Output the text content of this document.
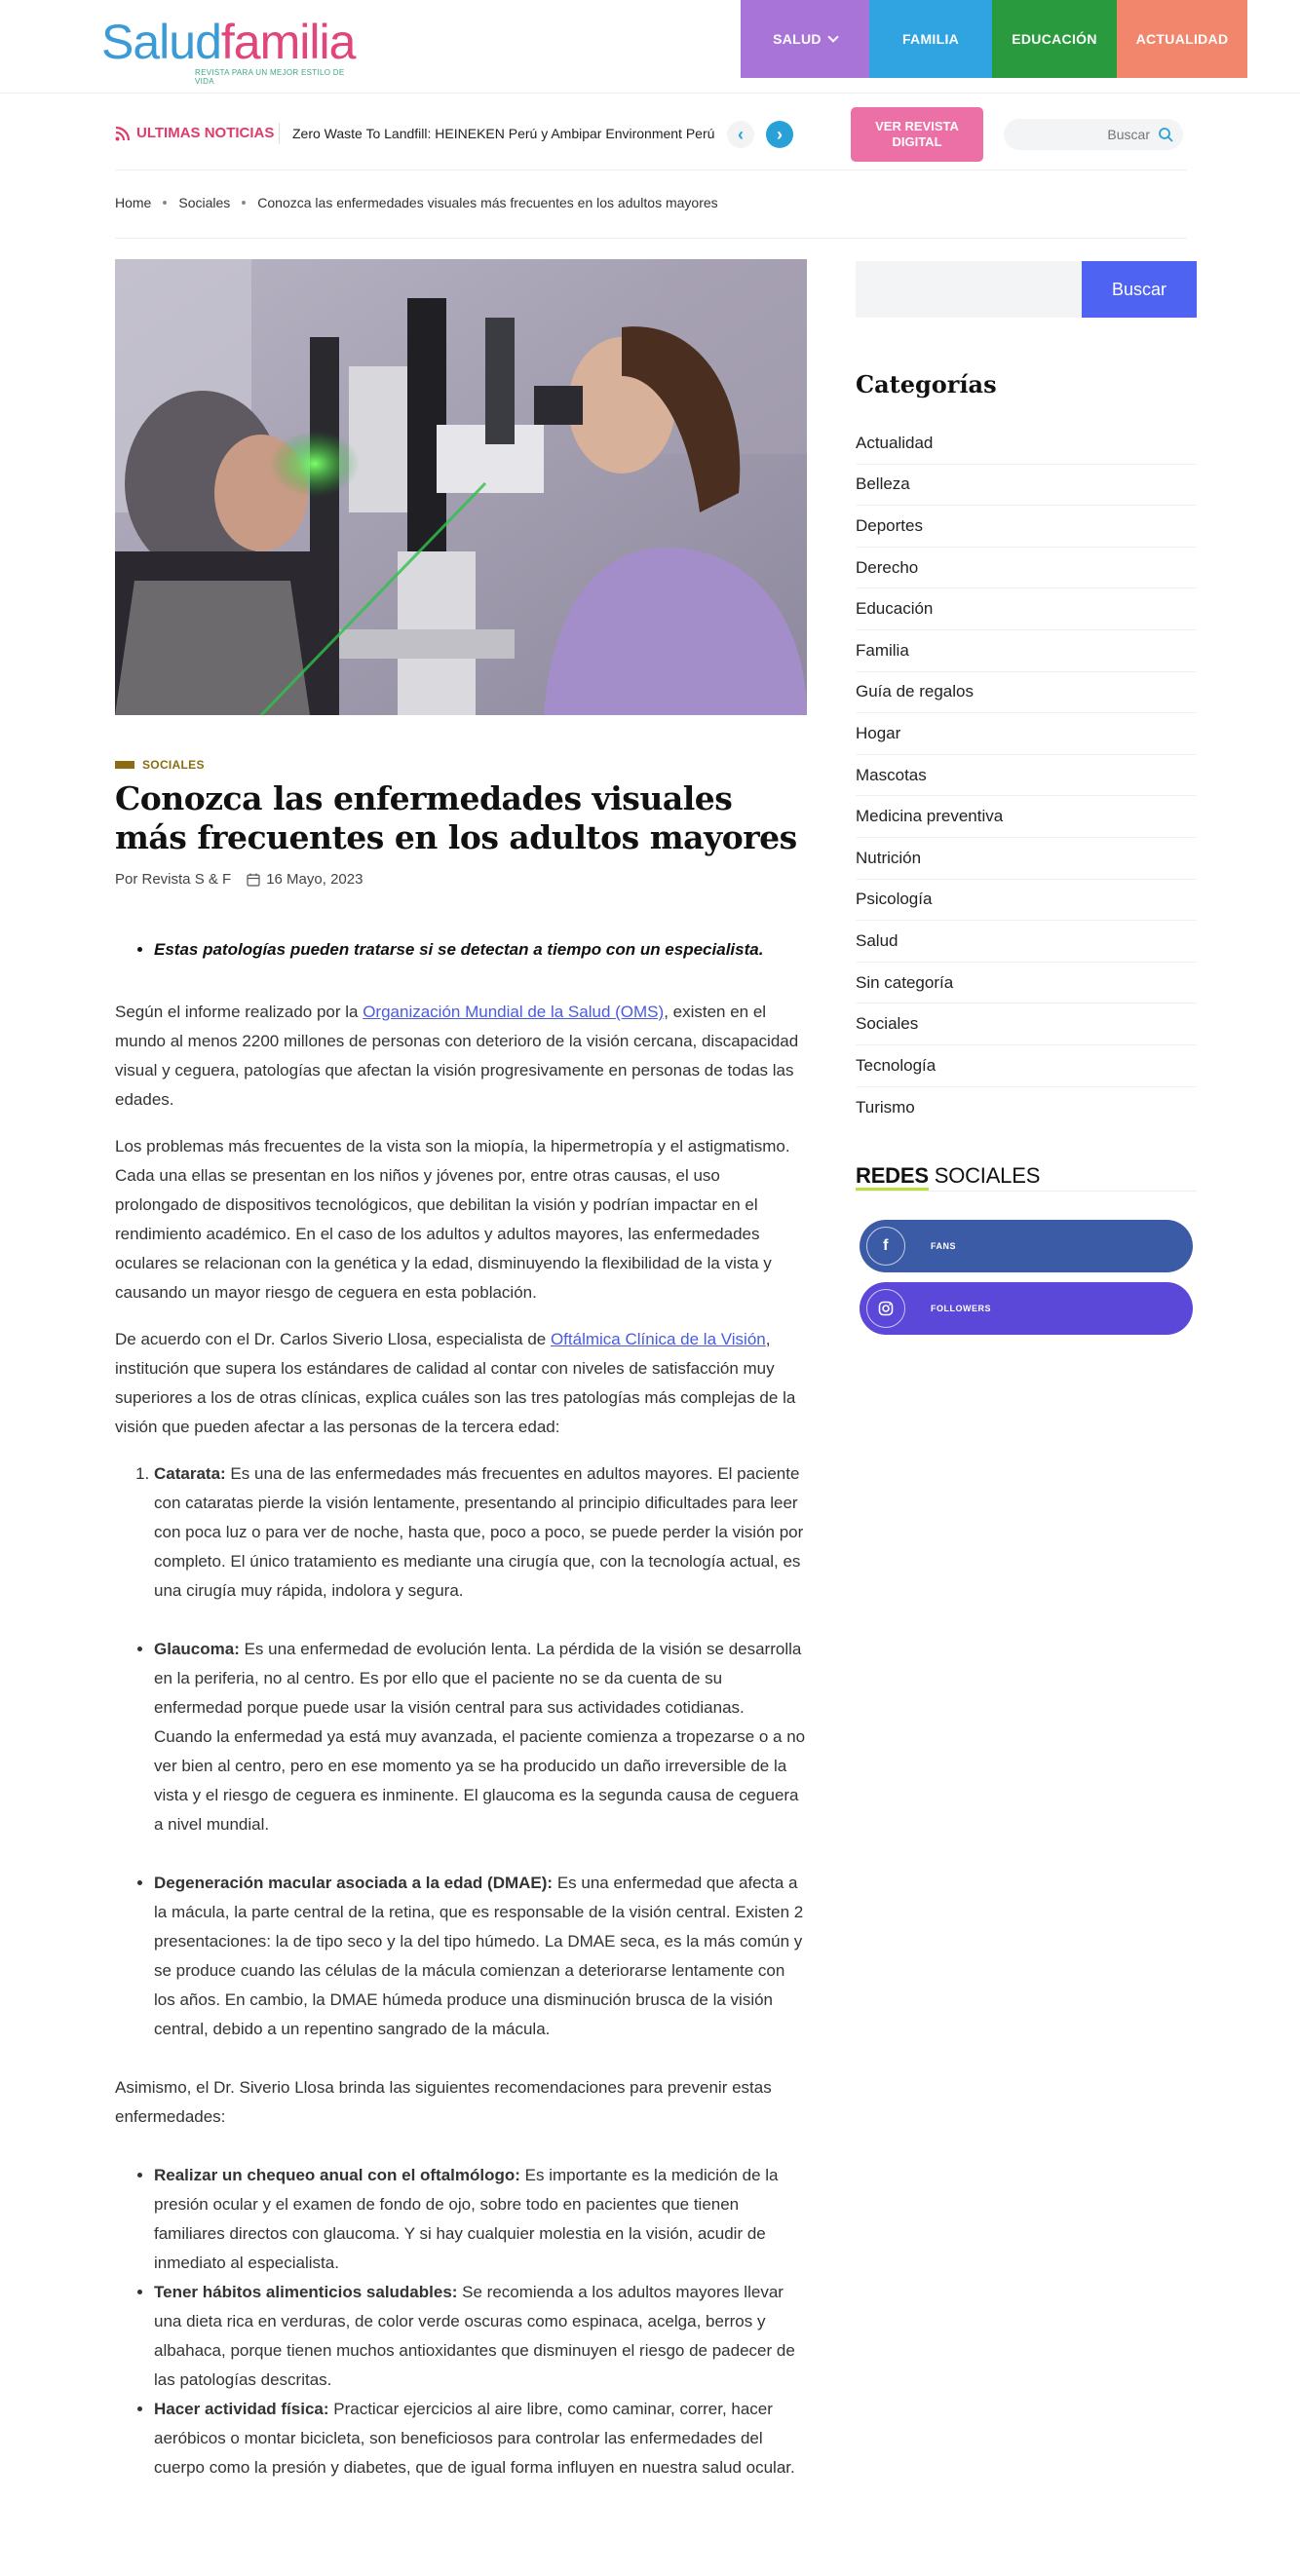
Saludfamilia
REVISTA PARA UN MEJOR ESTILO DE VIDA
SALUD	FAMILIA	EDUCACIÓN	ACTUALIDAD
ULTIMAS NOTICIAS Zero Waste To Landfill: HEINEKEN Perú y Ambipar Environment Perú ‹ ›	VER REVISTA DIGITAL
Buscar
Home Sociales Conozca las enfermedades visuales más frecuentes en los adultos mayores
SOCIALES
Conozca las enfermedades visuales más frecuentes en los adultos mayores
Por Revista S & F 16 Mayo, 2023
• Estas patologías pueden tratarse si se detectan a tiempo con un especialista.

Según el informe realizado por la Organización Mundial de la Salud (OMS), existen en el mundo al menos 2200 millones de personas con deterioro de la visión cercana, discapacidad visual y ceguera, patologías que afectan la visión progresivamente en personas de todas las edades.

Los problemas más frecuentes de la vista son la miopía, la hipermetropía y el astigmatismo. Cada una ellas se presentan en los niños y jóvenes por, entre otras causas, el uso prolongado de dispositivos tecnológicos, que debilitan la visión y podrían impactar en el rendimiento académico. En el caso de los adultos y adultos mayores, las enfermedades oculares se relacionan con la genética y la edad, disminuyendo la flexibilidad de la vista y causando un mayor riesgo de ceguera en esta población.

De acuerdo con el Dr. Carlos Siverio Llosa, especialista de Oftálmica Clínica de la Visión, institución que supera los estándares de calidad al contar con niveles de satisfacción muy superiores a los de otras clínicas, explica cuáles son las tres patologías más complejas de la visión que pueden afectar a las personas de la tercera edad:

1. Catarata: Es una de las enfermedades más frecuentes en adultos mayores. El paciente con cataratas pierde la visión lentamente, presentando al principio dificultades para leer con poca luz o para ver de noche, hasta que, poco a poco, se puede perder la visión por completo. El único tratamiento es mediante una cirugía que, con la tecnología actual, es una cirugía muy rápida, indolora y segura.
• Glaucoma: Es una enfermedad de evolución lenta. La pérdida de la visión se desarrolla en la periferia, no al centro. Es por ello que el paciente no se da cuenta de su enfermedad porque puede usar la visión central para sus actividades cotidianas. Cuando la enfermedad ya está muy avanzada, el paciente comienza a tropezarse o a no ver bien al centro, pero en ese momento ya se ha producido un daño irreversible de la vista y el riesgo de ceguera es inminente. El glaucoma es la segunda causa de ceguera a nivel mundial.
• Degeneración macular asociada a la edad (DMAE): Es una enfermedad que afecta a la mácula, la parte central de la retina, que es responsable de la visión central. Existen 2 presentaciones: la de tipo seco y la del tipo húmedo. La DMAE seca, es la más común y se produce cuando las células de la mácula comienzan a deteriorarse lentamente con los años. En cambio, la DMAE húmeda produce una disminución brusca de la visión central, debido a un repentino sangrado de la mácula.

Asimismo, el Dr. Siverio Llosa brinda las siguientes recomendaciones para prevenir estas enfermedades:

• Realizar un chequeo anual con el oftalmólogo: Es importante es la medición de la presión ocular y el examen de fondo de ojo, sobre todo en pacientes que tienen familiares directos con glaucoma. Y si hay cualquier molestia en la visión, acudir de inmediato al especialista.
• Tener hábitos alimenticios saludables: Se recomienda a los adultos mayores llevar una dieta rica en verduras, de color verde oscuras como espinaca, acelga, berros y albahaca, porque tienen muchos antioxidantes que disminuyen el riesgo de padecer de las patologías descritas.
• Hacer actividad física: Practicar ejercicios al aire libre, como caminar, correr, hacer aeróbicos o montar bicicleta, son beneficiosos para controlar las enfermedades del cuerpo como la presión y diabetes, que de igual forma influyen en nuestra salud ocular.
Buscar
Categorías
Actualidad
Belleza
Deportes
Derecho
Educación
Familia
Guía de regalos
Hogar
Mascotas
Medicina preventiva
Nutrición
Psicología
Salud
Sin categoría
Sociales
Tecnología
Turismo
REDES SOCIALES
f	FANS
FOLLOWERS
